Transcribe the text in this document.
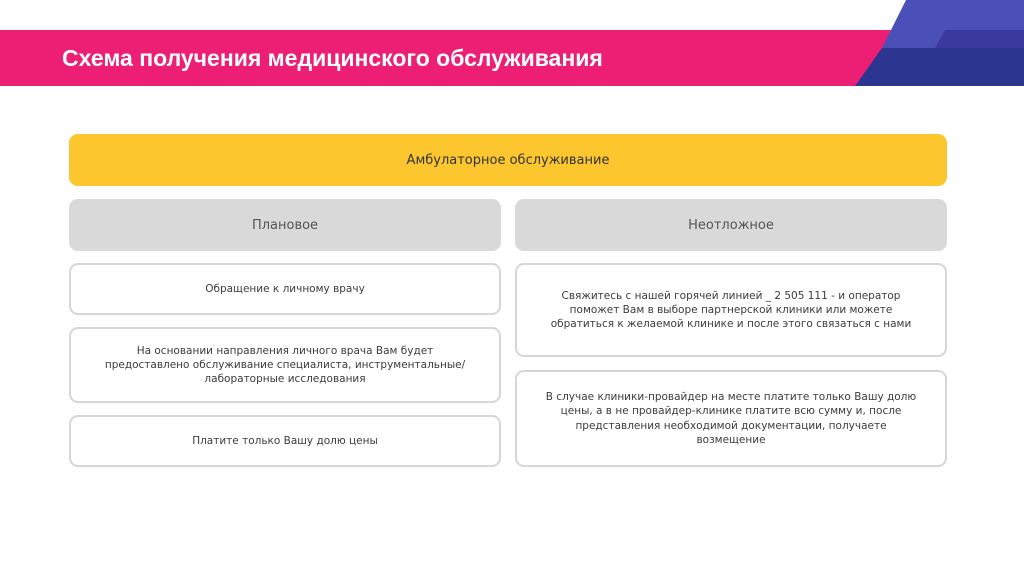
Схема получения медицинского обслуживания
Амбулаторное обслуживание
Плановое	Неотложное
Обращение к личному врачу
На основании направления личного врача Вам будет предоставлено обслуживание специалиста, инструментальные/ лабораторные исследования
Платите только Вашу долю цены
Свяжитесь с нашей горячей линией _ 2 505 111 - и оператор поможет Вам в выборе партнерской клиники или можете обратиться к желаемой клинике и после этого связаться с нами
В случае клиники-провайдер на месте платите только Вашу долю цены, а в не провайдер-клинике платите всю сумму и, после представления необходимой документации, получаете возмещение
